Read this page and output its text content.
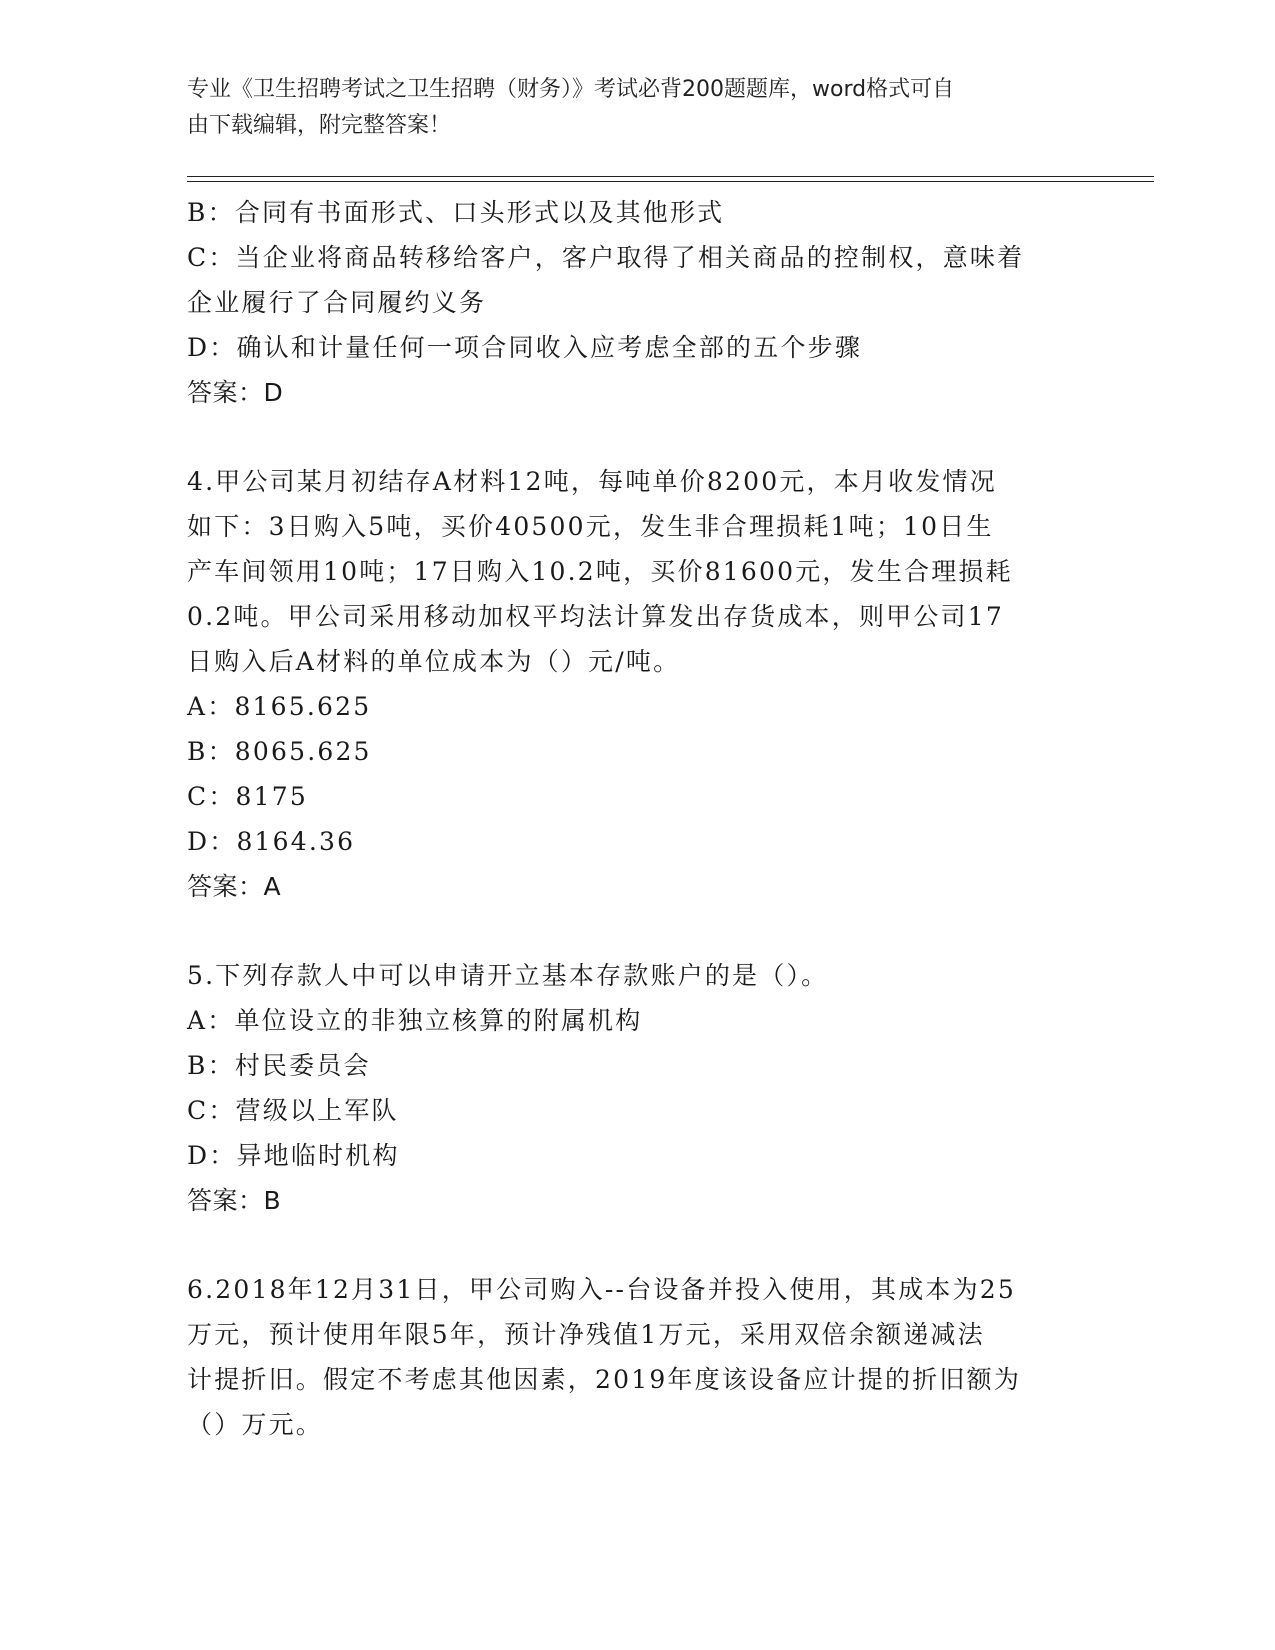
专业《卫生招聘考试之卫生招聘（财务）》考试必背200题题库，word格式可自
由下载编辑，附完整答案！

B：合同有书面形式、口头形式以及其他形式

C：当企业将商品转移给客户，客户取得了相关商品的控制权，意味着

企业履行了合同履约义务

D：确认和计量任何一项合同收入应考虑全部的五个步骤

答案：D

4.甲公司某月初结存A材料12吨，每吨单价8200元，本月收发情况

如下：3日购入5吨，买价40500元，发生非合理损耗1吨；10日生

产车间领用10吨；17日购入10.2吨，买价81600元，发生合理损耗

0.2吨。甲公司采用移动加权平均法计算发出存货成本，则甲公司17

日购入后A材料的单位成本为（）元/吨。

A：8165.625

B：8065.625

C：8175

D：8164.36

答案：A

5.下列存款人中可以申请开立基本存款账户的是（）。

A：单位设立的非独立核算的附属机构

B：村民委员会

C：营级以上军队

D：异地临时机构

答案：B

6.2018年12月31日，甲公司购入--台设备并投入使用，其成本为25

万元，预计使用年限5年，预计净残值1万元，采用双倍余额递减法

计提折旧。假定不考虑其他因素，2019年度该设备应计提的折旧额为

（）万元。
